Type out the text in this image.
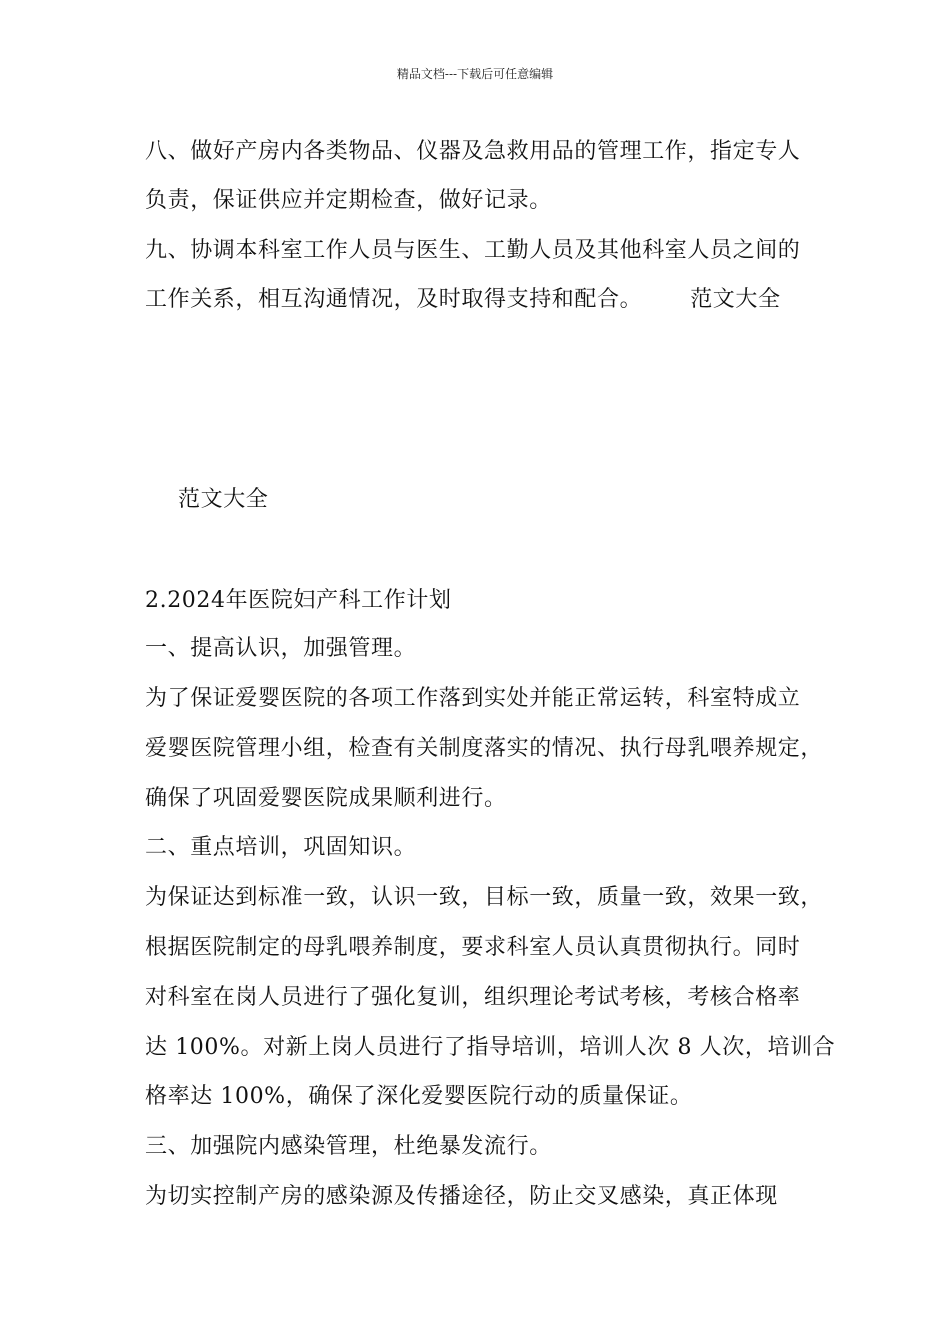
精品文档---下载后可任意编辑
八、做好产房内各类物品、仪器及急救用品的管理工作，指定专人
负责，保证供应并定期检查，做好记录。
九、协调本科室工作人员与医生、工勤人员及其他科室人员之间的
工作关系，相互沟通情况，及时取得支持和配合。 范文大全
范文大全
2.2024年医院妇产科工作计划
一、提高认识，加强管理。
为了保证爱婴医院的各项工作落到实处并能正常运转，科室特成立
爱婴医院管理小组，检查有关制度落实的情况、执行母乳喂养规定，
确保了巩固爱婴医院成果顺利进行。
二、重点培训，巩固知识。
为保证达到标准一致，认识一致，目标一致，质量一致，效果一致，
根据医院制定的母乳喂养制度，要求科室人员认真贯彻执行。同时
对科室在岗人员进行了强化复训，组织理论考试考核，考核合格率
达 100%。对新上岗人员进行了指导培训，培训人次 8 人次，培训合
格率达 100%，确保了深化爱婴医院行动的质量保证。
三、加强院内感染管理，杜绝暴发流行。
为切实控制产房的感染源及传播途径，防止交叉感染，真正体现
